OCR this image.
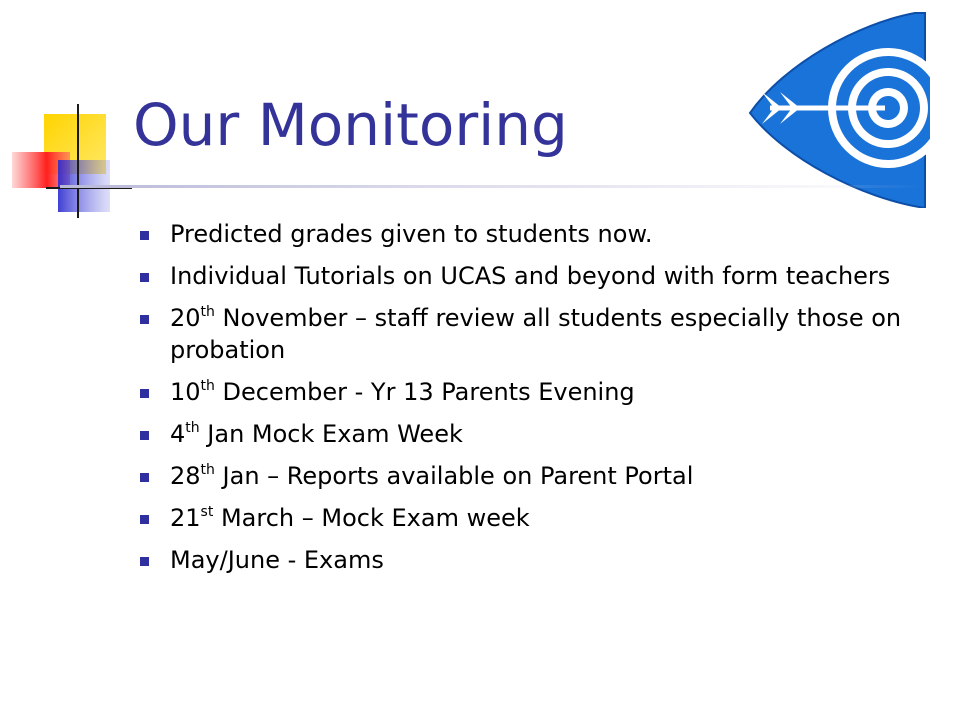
Our Monitoring
Predicted grades given to students now.
Individual Tutorials on UCAS and beyond with form teachers
20th November – staff review all students especially those on probation
10th December - Yr 13 Parents Evening
4th Jan Mock Exam Week
28th Jan – Reports available on Parent Portal
21st March – Mock Exam week
May/June - Exams
